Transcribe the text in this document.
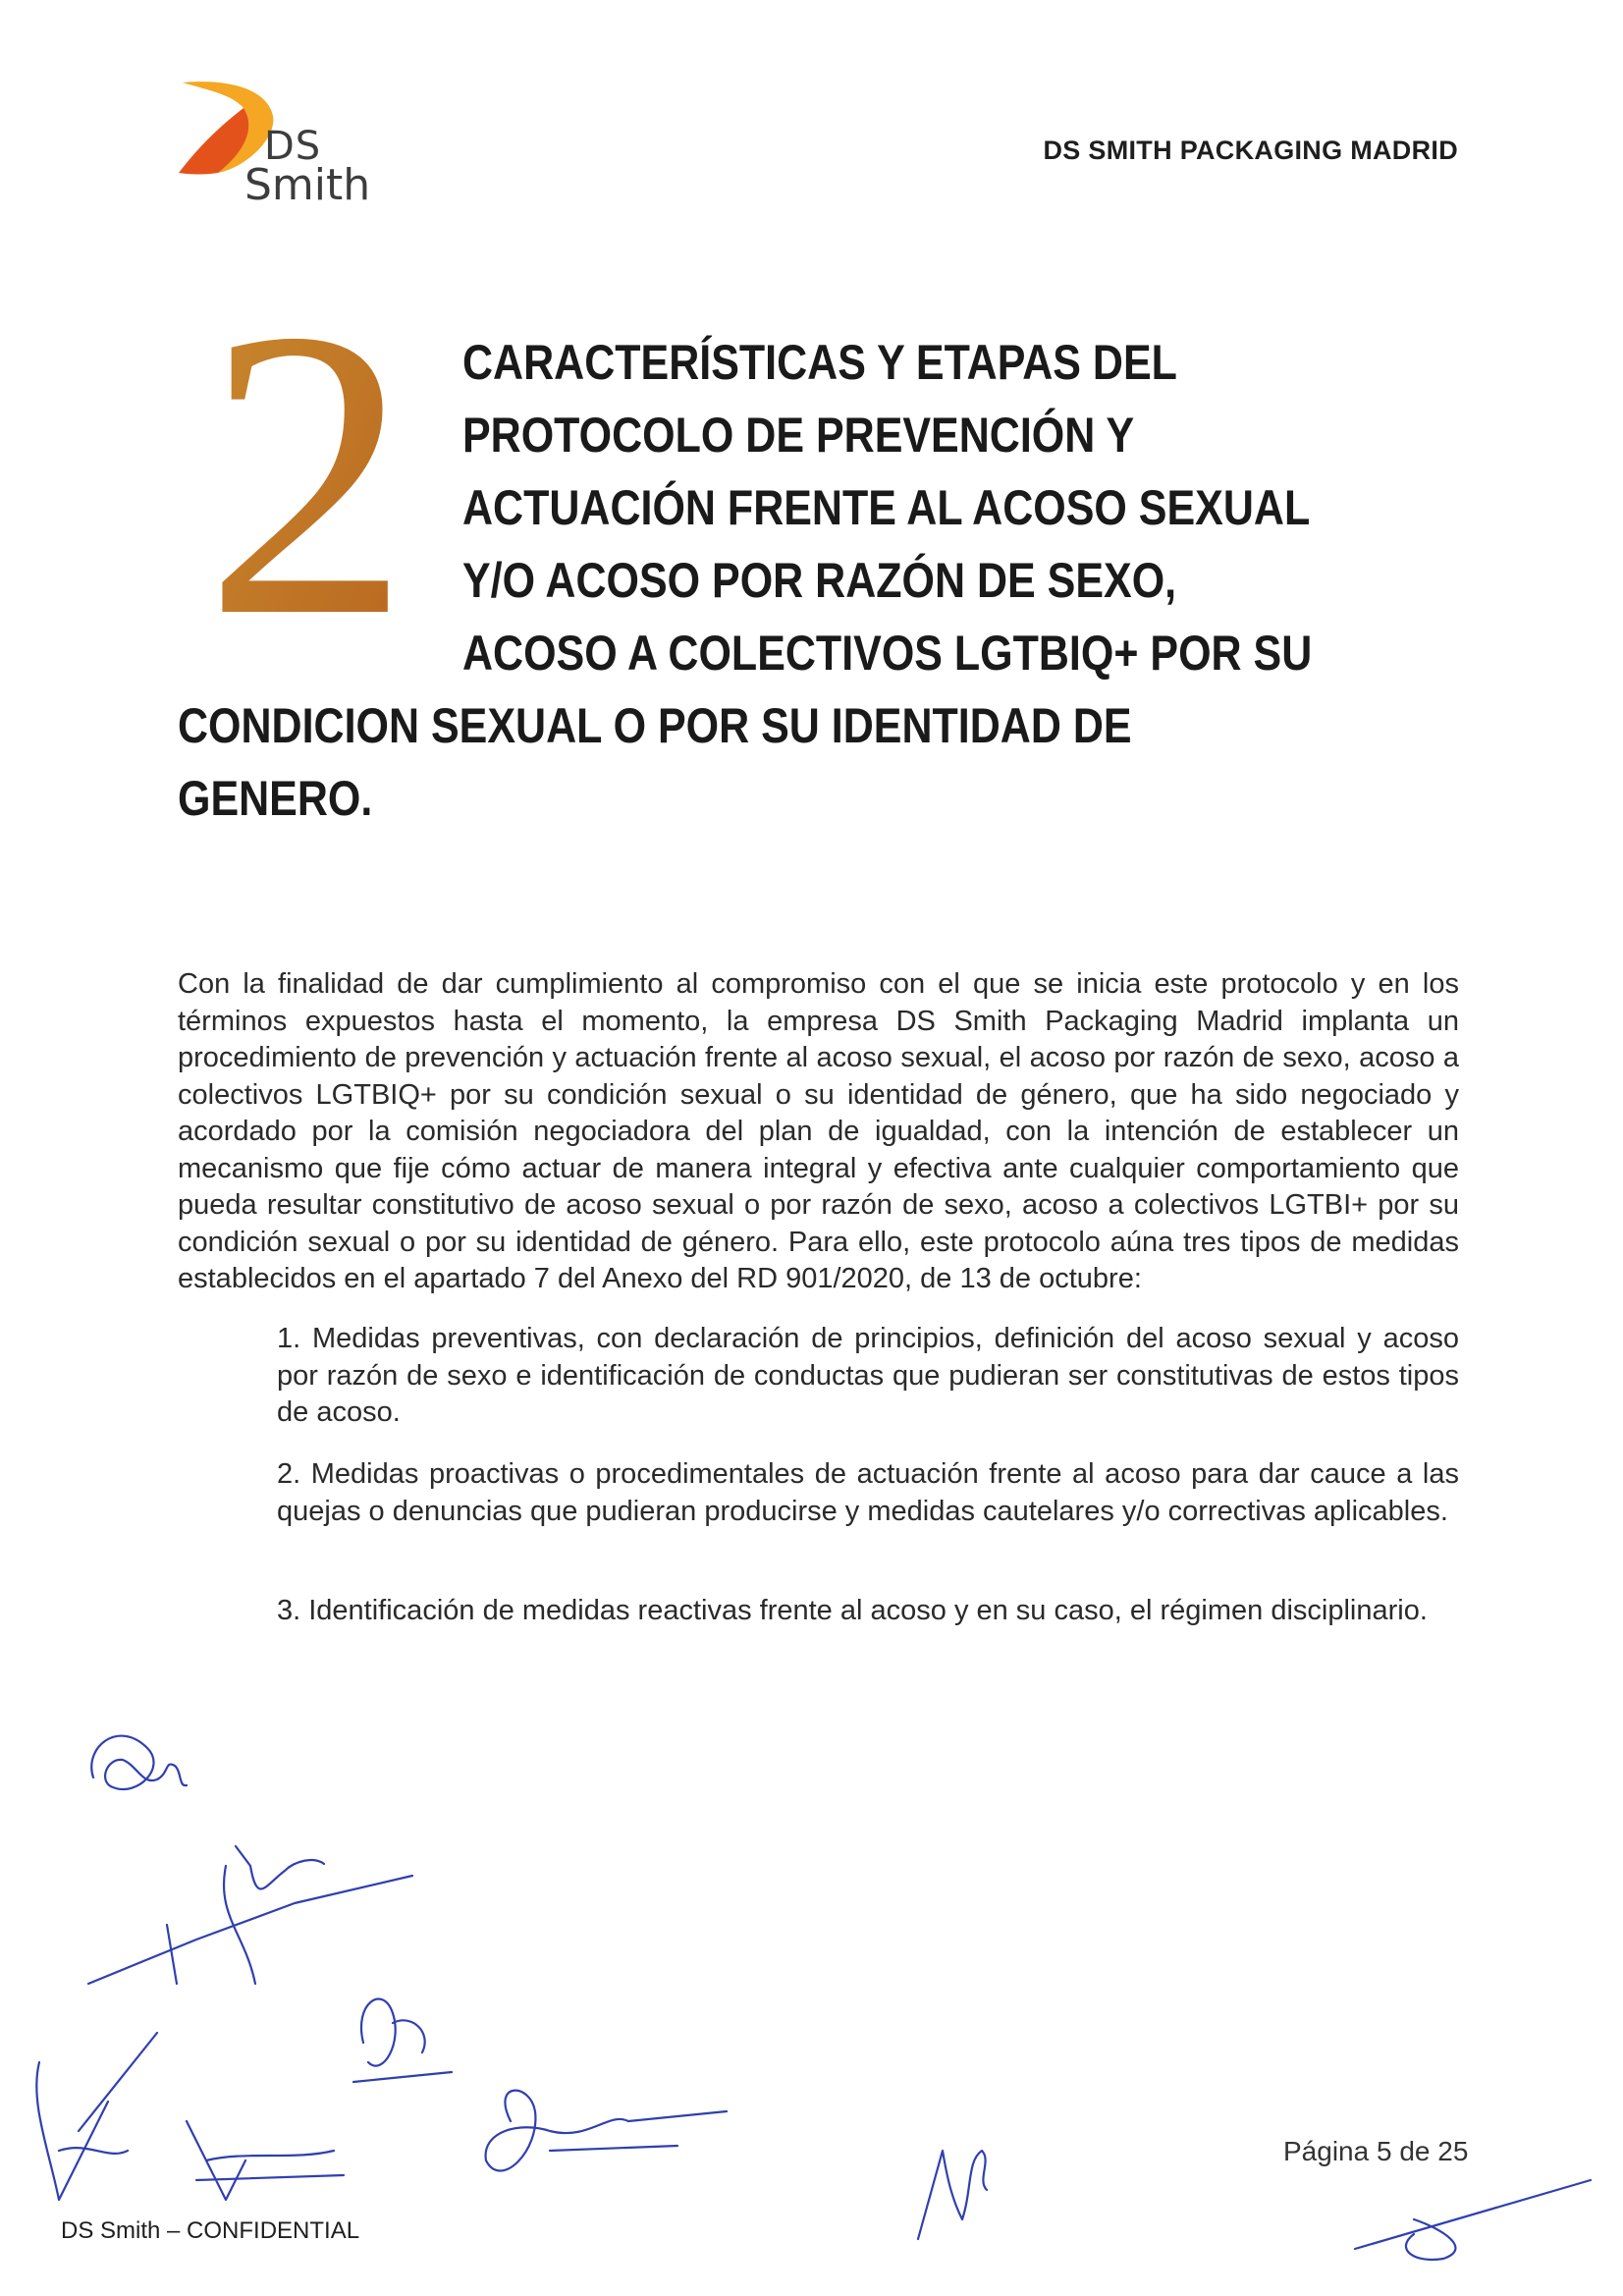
DS
Smith
DS SMITH PACKAGING MADRID
2 CARACTERÍSTICAS Y ETAPAS DEL
PROTOCOLO DE PREVENCIÓN Y
ACTUACIÓN FRENTE AL ACOSO SEXUAL
Y/O ACOSO POR RAZÓN DE SEXO,
ACOSO A COLECTIVOS LGTBIQ+ POR SU
CONDICION SEXUAL O POR SU IDENTIDAD DE
GENERO.
Con la finalidad de dar cumplimiento al compromiso con el que se inicia este protocolo y en los términos expuestos hasta el momento, la empresa DS Smith Packaging Madrid implanta un procedimiento de prevención y actuación frente al acoso sexual, el acoso por razón de sexo, acoso a colectivos LGTBIQ+ por su condición sexual o su identidad de género, que ha sido negociado y acordado por la comisión negociadora del plan de igualdad, con la intención de establecer un mecanismo que fije cómo actuar de manera integral y efectiva ante cualquier comportamiento que pueda resultar constitutivo de acoso sexual o por razón de sexo, acoso a colectivos LGTBI+ por su condición sexual o por su identidad de género. Para ello, este protocolo aúna tres tipos de medidas establecidos en el apartado 7 del Anexo del RD 901/2020, de 13 de octubre:
1. Medidas preventivas, con declaración de principios, definición del acoso sexual y acoso por razón de sexo e identificación de conductas que pudieran ser constitutivas de estos tipos de acoso.
2. Medidas proactivas o procedimentales de actuación frente al acoso para dar cauce a las quejas o denuncias que pudieran producirse y medidas cautelares y/o correctivas aplicables.
3. Identificación de medidas reactivas frente al acoso y en su caso, el régimen disciplinario.
DS Smith – CONFIDENTIAL
Página 5 de 25
